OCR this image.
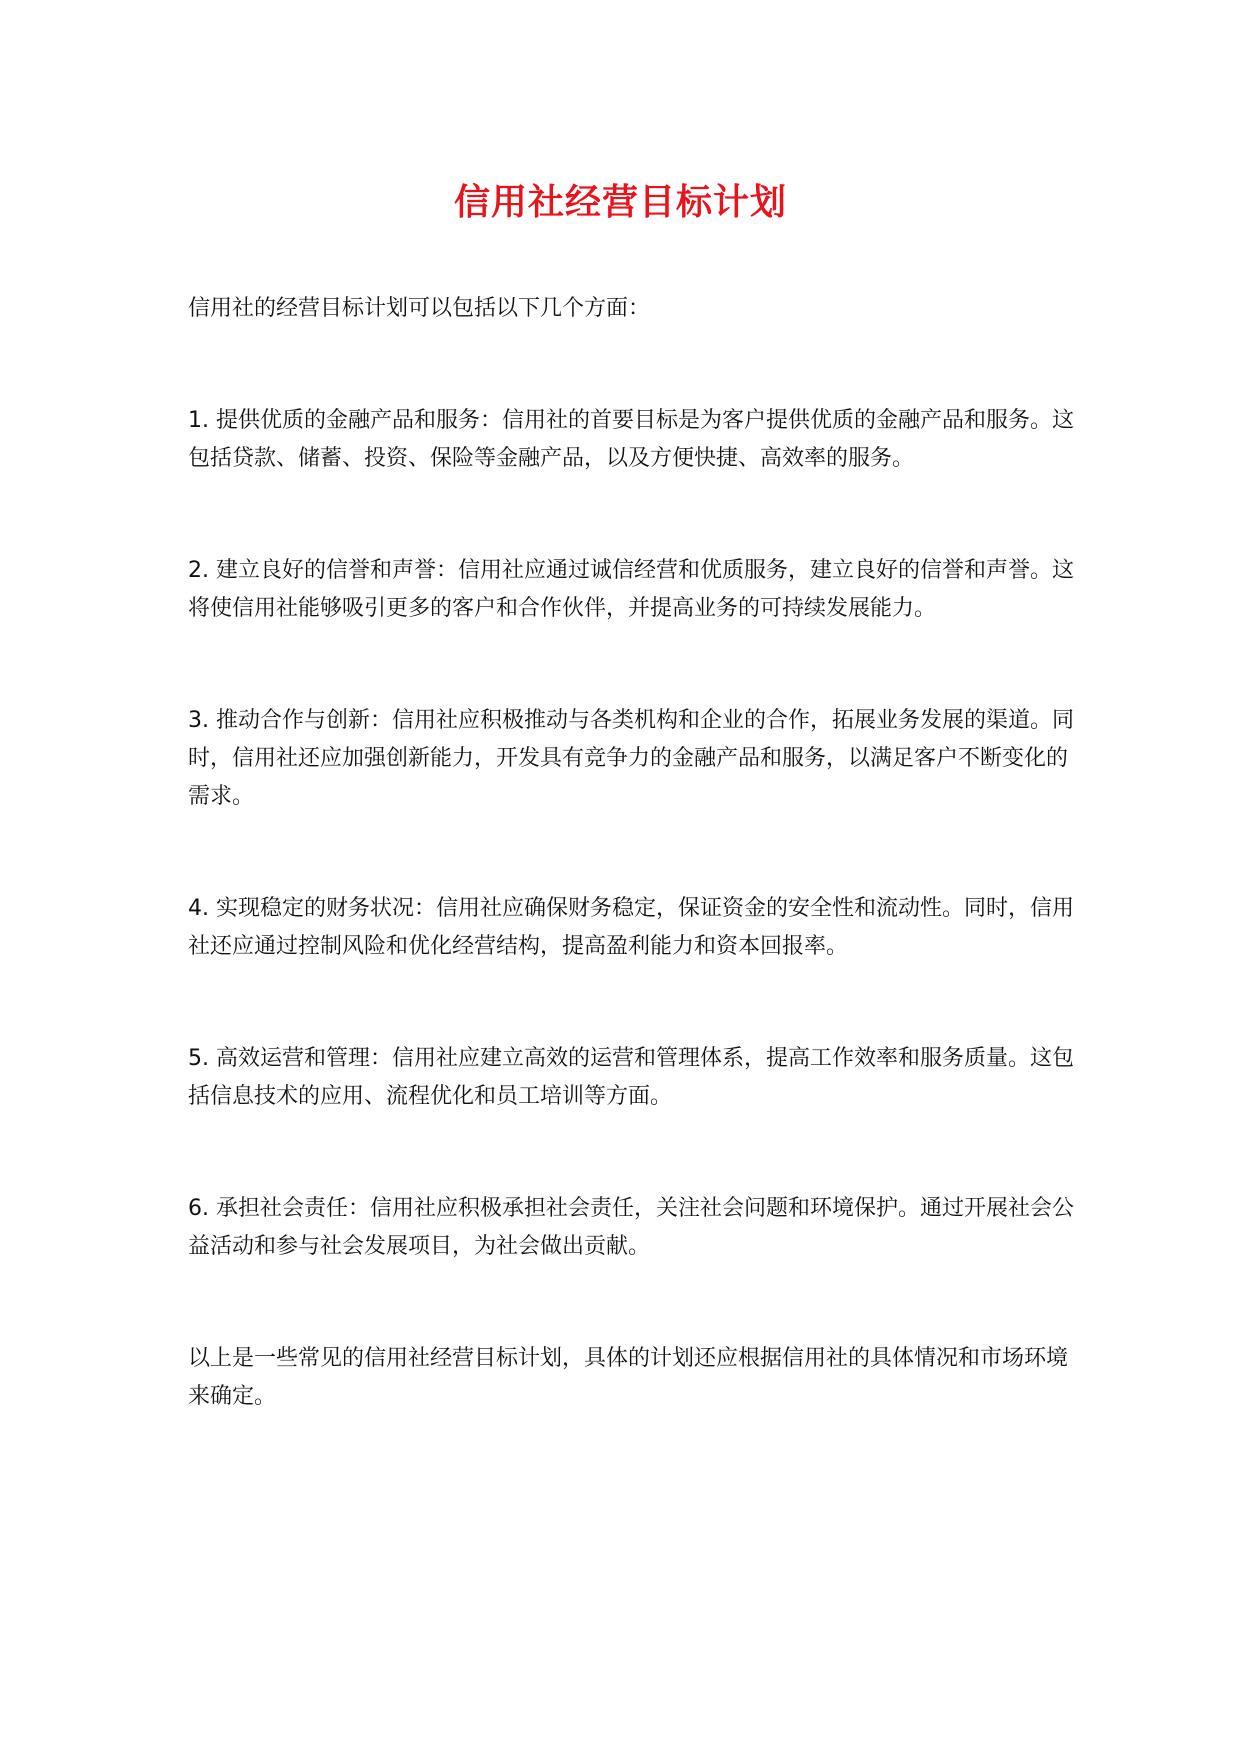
信用社经营目标计划

信用社的经营目标计划可以包括以下几个方面：

1. 提供优质的金融产品和服务：信用社的首要目标是为客户提供优质的金融产品和服务。这包括贷款、储蓄、投资、保险等金融产品，以及方便快捷、高效率的服务。

2. 建立良好的信誉和声誉：信用社应通过诚信经营和优质服务，建立良好的信誉和声誉。这将使信用社能够吸引更多的客户和合作伙伴，并提高业务的可持续发展能力。

3. 推动合作与创新：信用社应积极推动与各类机构和企业的合作，拓展业务发展的渠道。同时，信用社还应加强创新能力，开发具有竞争力的金融产品和服务，以满足客户不断变化的需求。

4. 实现稳定的财务状况：信用社应确保财务稳定，保证资金的安全性和流动性。同时，信用社还应通过控制风险和优化经营结构，提高盈利能力和资本回报率。

5. 高效运营和管理：信用社应建立高效的运营和管理体系，提高工作效率和服务质量。这包括信息技术的应用、流程优化和员工培训等方面。

6. 承担社会责任：信用社应积极承担社会责任，关注社会问题和环境保护。通过开展社会公益活动和参与社会发展项目，为社会做出贡献。

以上是一些常见的信用社经营目标计划，具体的计划还应根据信用社的具体情况和市场环境来确定。
